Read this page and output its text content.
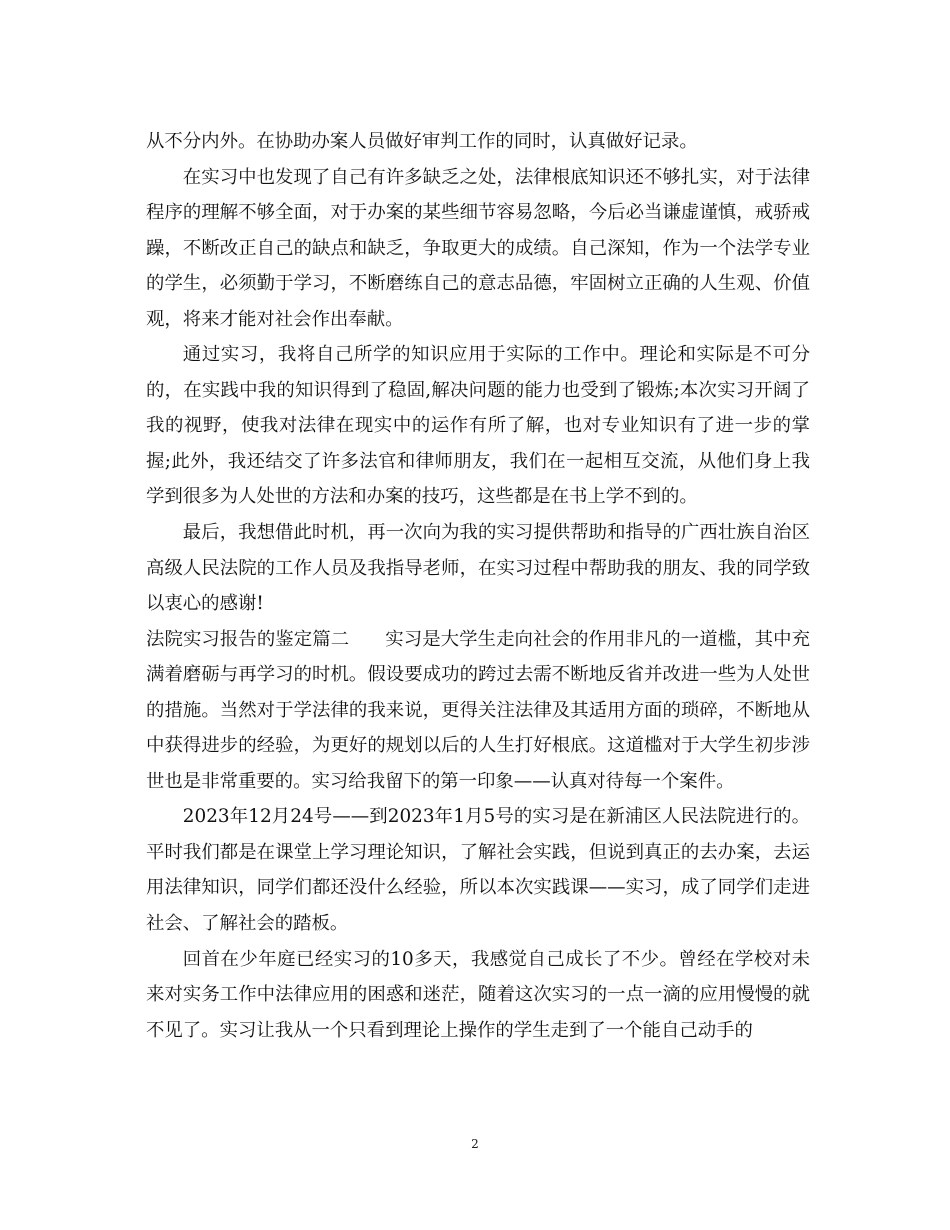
从不分内外。在协助办案人员做好审判工作的同时，认真做好记录。

在实习中也发现了自己有许多缺乏之处，法律根底知识还不够扎实，对于法律程序的理解不够全面，对于办案的某些细节容易忽略，今后必当谦虚谨慎，戒骄戒躁，不断改正自己的缺点和缺乏，争取更大的成绩。自己深知，作为一个法学专业的学生，必须勤于学习，不断磨练自己的意志品德，牢固树立正确的人生观、价值观，将来才能对社会作出奉献。

通过实习，我将自己所学的知识应用于实际的工作中。理论和实际是不可分的，在实践中我的知识得到了稳固,解决问题的能力也受到了锻炼;本次实习开阔了我的视野，使我对法律在现实中的运作有所了解，也对专业知识有了进一步的掌握;此外，我还结交了许多法官和律师朋友，我们在一起相互交流，从他们身上我学到很多为人处世的方法和办案的技巧，这些都是在书上学不到的。

最后，我想借此时机，再一次向为我的实习提供帮助和指导的广西壮族自治区高级人民法院的工作人员及我指导老师，在实习过程中帮助我的朋友、我的同学致以衷心的感谢!

法院实习报告的鉴定篇二 实习是大学生走向社会的作用非凡的一道槛，其中充满着磨砺与再学习的时机。假设要成功的跨过去需不断地反省并改进一些为人处世的措施。当然对于学法律的我来说，更得关注法律及其适用方面的琐碎，不断地从中获得进步的经验，为更好的规划以后的人生打好根底。这道槛对于大学生初步涉世也是非常重要的。实习给我留下的第一印象——认真对待每一个案件。

2023年12月24号——到2023年1月5号的实习是在新浦区人民法院进行的。平时我们都是在课堂上学习理论知识，了解社会实践，但说到真正的去办案，去运用法律知识，同学们都还没什么经验，所以本次实践课——实习，成了同学们走进社会、了解社会的踏板。

回首在少年庭已经实习的10多天，我感觉自己成长了不少。曾经在学校对未来对实务工作中法律应用的困惑和迷茫，随着这次实习的一点一滴的应用慢慢的就不见了。实习让我从一个只看到理论上操作的学生走到了一个能自己动手的

2
